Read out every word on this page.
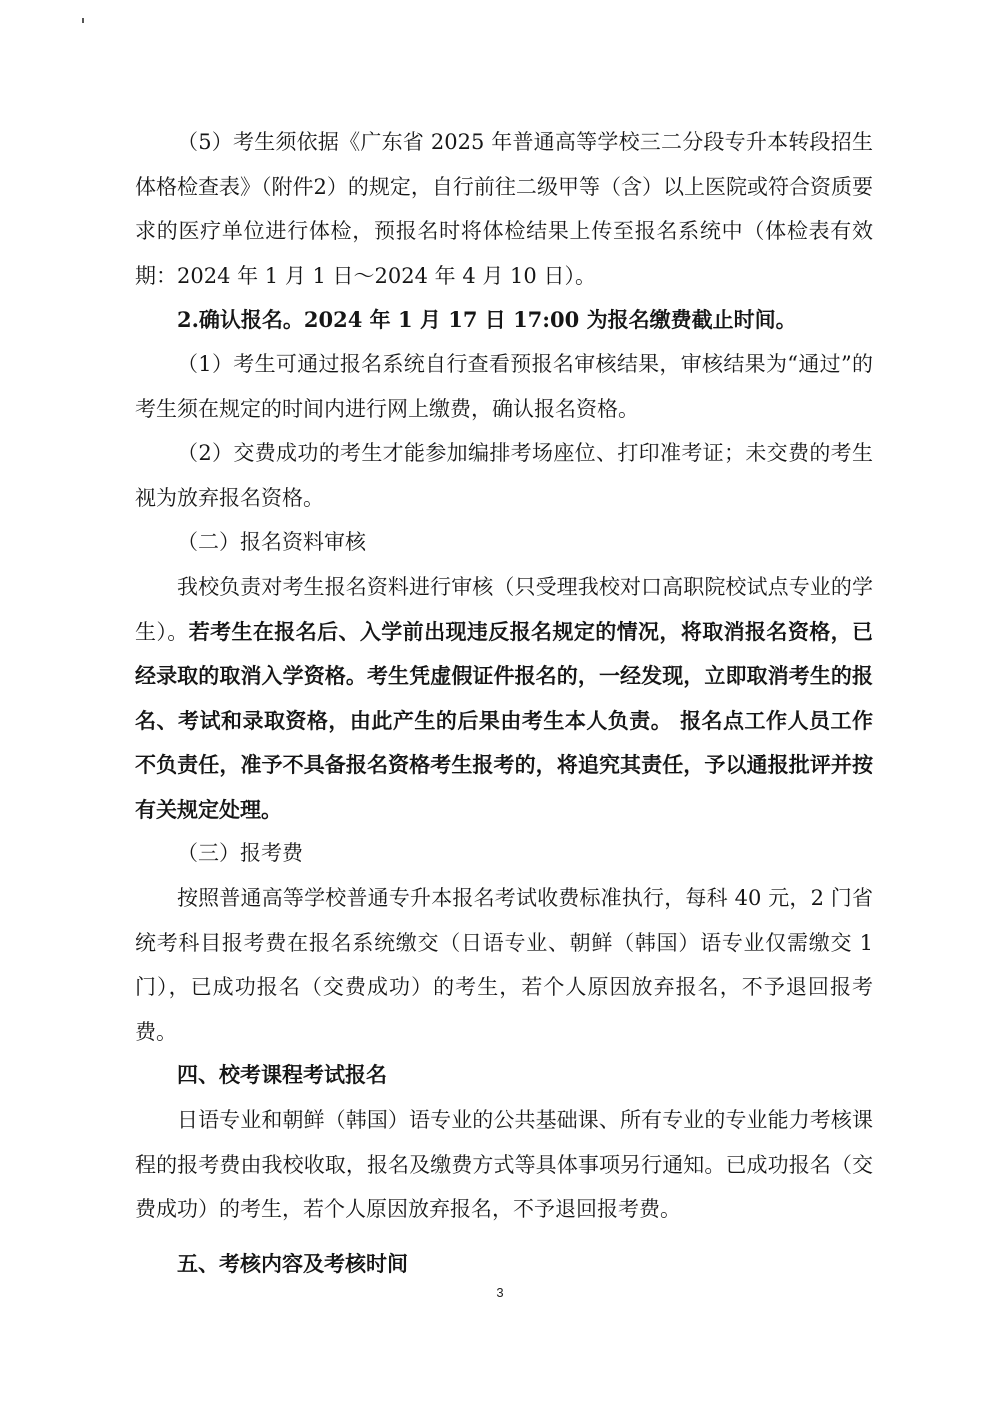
（5）考生须依据《广东省 2025 年普通高等学校三二分段专升本转段招生体格检查表》（附件2）的规定，自行前往二级甲等（含）以上医院或符合资质要求的医疗单位进行体检，预报名时将体检结果上传至报名系统中（体检表有效期：2024 年 1 月 1 日～2024 年 4 月 10 日）。

2.确认报名。2024 年 1 月 17 日 17:00 为报名缴费截止时间。

（1）考生可通过报名系统自行查看预报名审核结果，审核结果为“通过”的考生须在规定的时间内进行网上缴费，确认报名资格。

（2）交费成功的考生才能参加编排考场座位、打印准考证；未交费的考生视为放弃报名资格。

（二）报名资料审核

我校负责对考生报名资料进行审核（只受理我校对口高职院校试点专业的学生）。若考生在报名后、入学前出现违反报名规定的情况，将取消报名资格，已经录取的取消入学资格。考生凭虚假证件报名的，一经发现，立即取消考生的报名、考试和录取资格，由此产生的后果由考生本人负责。 报名点工作人员工作不负责任，准予不具备报名资格考生报考的，将追究其责任，予以通报批评并按有关规定处理。

（三）报考费

按照普通高等学校普通专升本报名考试收费标准执行，每科 40 元，2 门省统考科目报考费在报名系统缴交（日语专业、朝鲜（韩国）语专业仅需缴交 1 门），已成功报名（交费成功）的考生，若个人原因放弃报名，不予退回报考费。

四、校考课程考试报名

日语专业和朝鲜（韩国）语专业的公共基础课、所有专业的专业能力考核课程的报考费由我校收取，报名及缴费方式等具体事项另行通知。已成功报名（交费成功）的考生，若个人原因放弃报名，不予退回报考费。

五、考核内容及考核时间

3
